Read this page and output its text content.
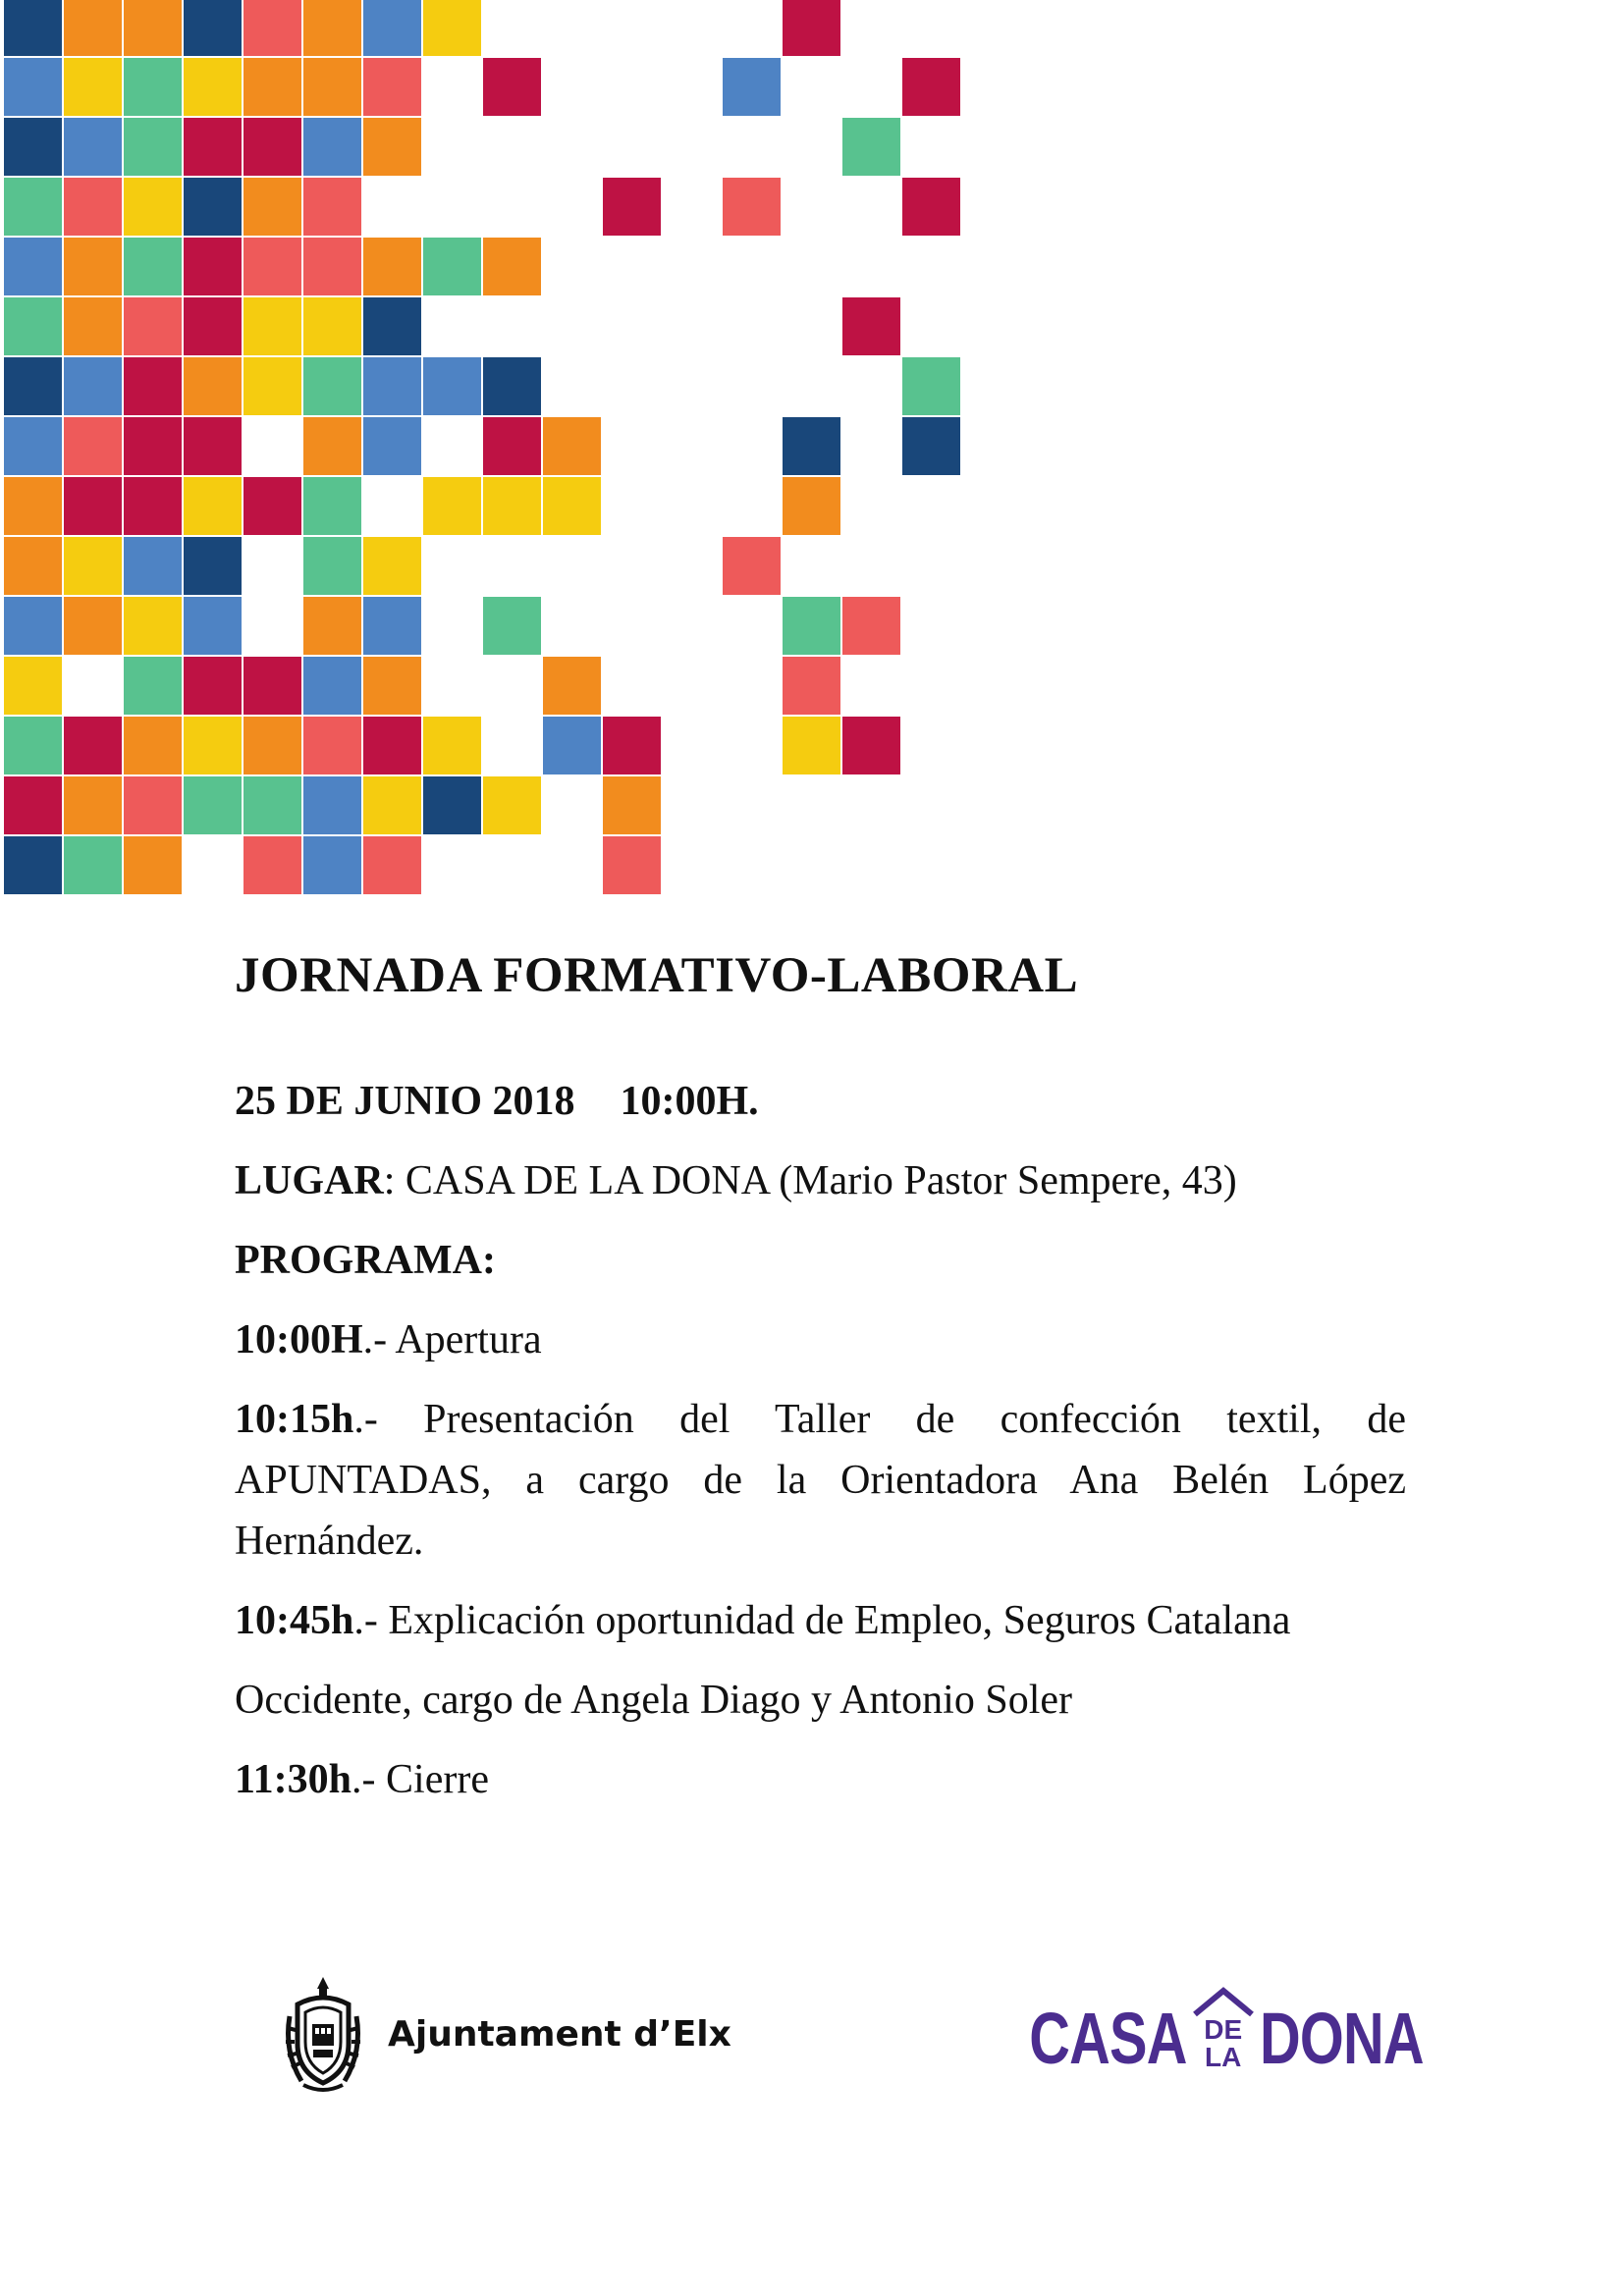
JORNADA FORMATIVO-LABORAL

25 DE JUNIO 2018 10:00H.

LUGAR: CASA DE LA DONA (Mario Pastor Sempere, 43)

PROGRAMA:

10:00H.- Apertura

10:15h.- Presentación del Taller de confección textil, de APUNTADAS, a cargo de la Orientadora Ana Belén López Hernández.

10:45h.- Explicación oportunidad de Empleo, Seguros Catalana

Occidente, cargo de Angela Diago y Antonio Soler

11:30h.- Cierre

Ajuntament d’Elx	CASA DE
LA DONA
